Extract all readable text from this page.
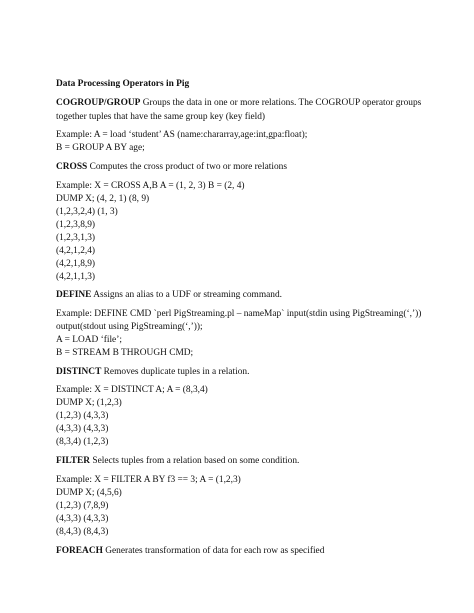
Data Processing Operators in Pig
COGROUP/GROUP Groups the data in one or more relations. The COGROUP operator groups
together tuples that have the same group key (key field)
Example: A = load ‘student’ AS (name:chararray,age:int,gpa:float);
B = GROUP A BY age;
CROSS Computes the cross product of two or more relations
Example: X = CROSS A,B A = (1, 2, 3) B = (2, 4)
DUMP X; (4, 2, 1) (8, 9)
(1,2,3,2,4) (1, 3)
(1,2,3,8,9)
(1,2,3,1,3)
(4,2,1,2,4)
(4,2,1,8,9)
(4,2,1,1,3)
DEFINE Assigns an alias to a UDF or streaming command.
Example: DEFINE CMD `perl PigStreaming.pl – nameMap` input(stdin using PigStreaming(‘,’))
output(stdout using PigStreaming(‘,’));
A = LOAD ‘file’;
B = STREAM B THROUGH CMD;
DISTINCT Removes duplicate tuples in a relation.
Example: X = DISTINCT A; A = (8,3,4)
DUMP X; (1,2,3)
(1,2,3) (4,3,3)
(4,3,3) (4,3,3)
(8,3,4) (1,2,3)
FILTER Selects tuples from a relation based on some condition.
Example: X = FILTER A BY f3 == 3; A = (1,2,3)
DUMP X; (4,5,6)
(1,2,3) (7,8,9)
(4,3,3) (4,3,3)
(8,4,3) (8,4,3)
FOREACH Generates transformation of data for each row as specified
